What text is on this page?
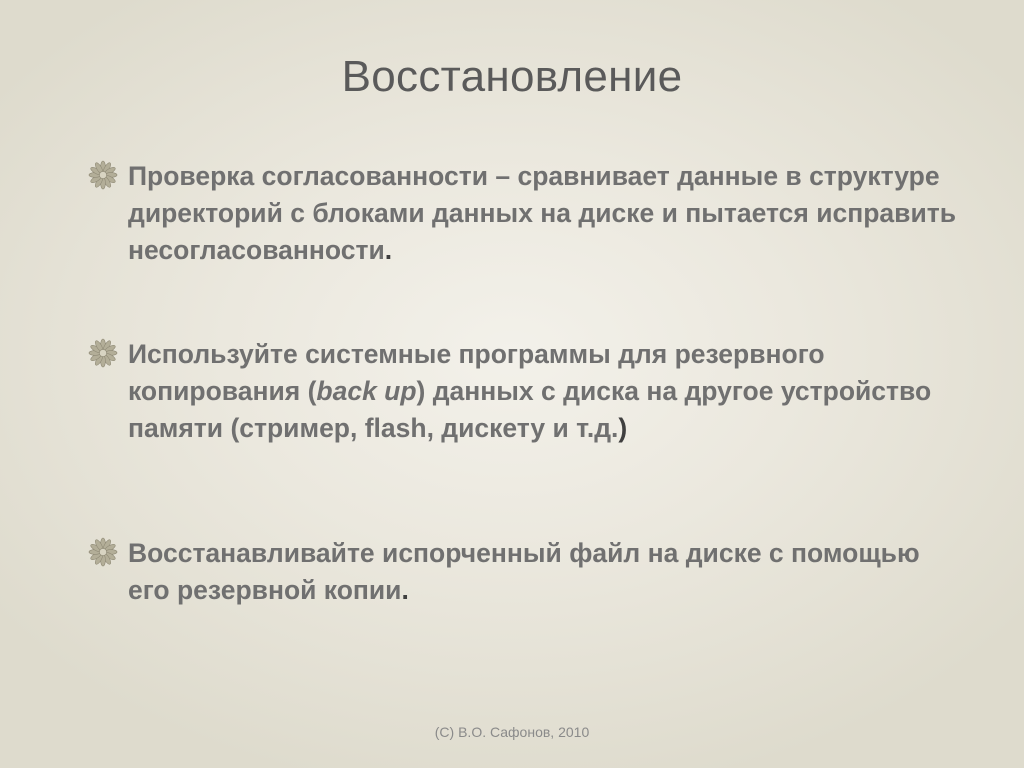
Восстановление
Проверка согласованности – сравнивает данные в структуре директорий с блоками данных на диске и пытается исправить несогласованности.
Используйте системные программы для резервного копирования (back up) данных с диска на другое устройство памяти (стример, flash, дискету и т.д.)
Восстанавливайте испорченный файл на диске с помощью его резервной копии.
(C) В.О. Сафонов, 2010
